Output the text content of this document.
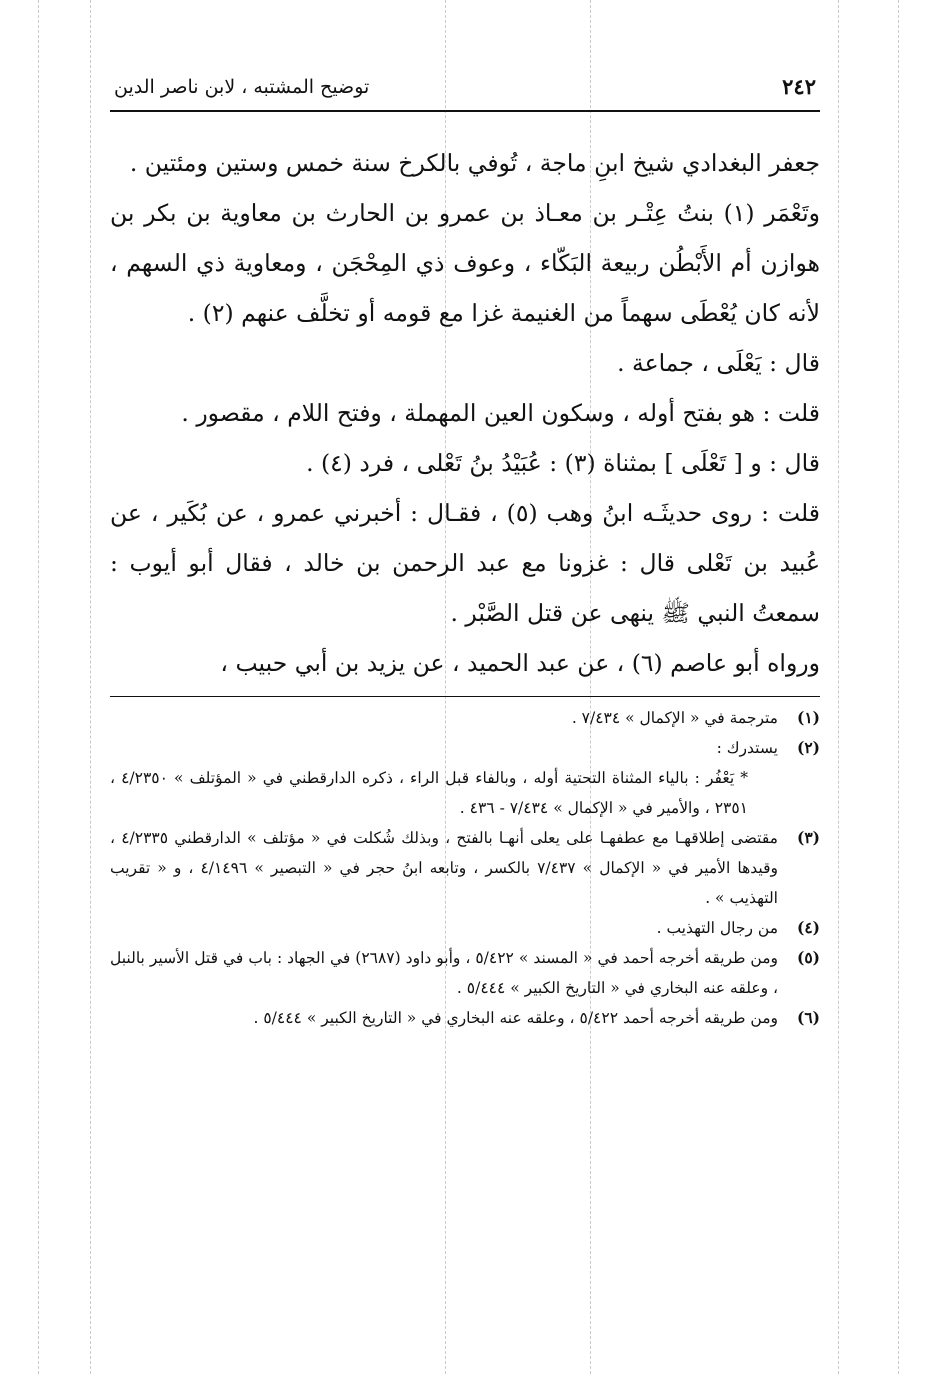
٢٤٢
توضيح المشتبه ، لابن ناصر الدين

جعفر البغدادي شيخ ابنِ ماجة ، تُوفي بالكرخ سنة خمس وستين ومئتين .

وتَعْمَر (١) بنتُ عِتْـر بن معـاذ بن عمرو بن الحارث بن معاوية بن بكر بن هوازن أم الأَبْطُن ربيعة البَكّاء ، وعوف ذي المِحْجَن ، ومعاوية ذي السهم ، لأنه كان يُعْطَى سهماً من الغنيمة غزا مع قومه أو تخلَّف عنهم (٢) .

قال : يَعْلَى ، جماعة .

قلت : هو بفتح أوله ، وسكون العين المهملة ، وفتح اللام ، مقصور .

قال : و [ تَعْلَى ] بمثناة (٣) : عُبَيْدُ بنُ تَعْلى ، فرد (٤) .

قلت : روى حديثَـه ابنُ وهب (٥) ، فقـال : أخبرني عمرو ، عن بُكَير ، عن عُبيد بن تَعْلى قال : غزونا مع عبد الرحمن بن خالد ، فقال أبو أيوب : سمعتُ النبي ﷺ ينهى عن قتل الصَّبْر .

ورواه أبو عاصم (٦) ، عن عبد الحميد ، عن يزيد بن أبي حبيب ،

(١)
مترجمة في « الإكمال » ٧/٤٣٤ .
(٢)
يستدرك :
* يَعْفُر : بالياء المثناة التحتية أوله ، وبالفاء قبل الراء ، ذكره الدارقطني في « المؤتلف » ٤/٢٣٥٠ ، ٢٣٥١ ، والأمير في « الإكمال » ٧/٤٣٤ - ٤٣٦ .
(٣)
مقتضى إطلاقهـا مع عطفهـا على يعلى أنهـا بالفتح ، وبذلك شُكلت في « مؤتلف » الدارقطني ٤/٢٣٣٥ ، وقيدها الأمير في « الإكمال » ٧/٤٣٧ بالكسر ، وتابعه ابنُ حجر في « التبصير » ٤/١٤٩٦ ، و « تقريب التهذيب » .
(٤)
من رجال التهذيب .
(٥)
ومن طريقه أخرجه أحمد في « المسند » ٥/٤٢٢ ، وأبو داود (٢٦٨٧) في الجهاد : باب في قتل الأسير بالنبل ، وعلقه عنه البخاري في « التاريخ الكبير » ٥/٤٤٤ .
(٦)
ومن طريقه أخرجه أحمد ٥/٤٢٢ ، وعلقه عنه البخاري في « التاريخ الكبير » ٥/٤٤٤ .
